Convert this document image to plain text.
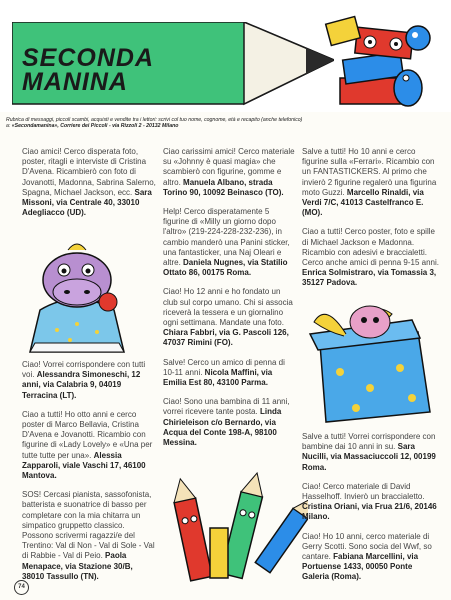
SECONDA
MANINA
Rubrica di messaggi, piccoli scambi, acquisti e vendite tra i lettori: scrivi col tuo nome, cognome, età e recapito (anche telefonico) a: «Secondamanina», Corriere dei Piccoli - via Rizzoli 2 - 20132 Milano

Ciao amici! Cerco disperata foto, poster, ritagli e interviste di Cristina D'Avena. Ricambierò con foto di Jovanotti, Madonna, Sabrina Salerno, Spagna, Michael Jackson, ecc. Sara Missoni, via Centrale 40, 33010 Adegliacco (UD).

Ciao! Vorrei corrispondere con tutti voi. Alessandra Simoneschi, 12 anni, via Calabria 9, 04019 Terracina (LT).

Ciao a tutti! Ho otto anni e cerco poster di Marco Bellavia, Cristina D'Avena e Jovanotti. Ricambio con figurine di «Lady Lovely» e «Una per tutte tutte per una». Alessia Zapparoli, viale Vaschi 17, 46100 Mantova.

SOS! Cercasi pianista, sassofonista, batterista e suonatrice di basso per completare con la mia chitarra un simpatico gruppetto classico. Possono scrivermi ragazzi/e del Trentino: Val di Non - Val di Sole - Val di Rabbie - Val di Peio. Paola Menapace, via Stazione 30/B, 38010 Tassullo (TN).

Ciao carissimi amici! Cerco materiale su «Johnny è quasi magia» che scambierò con figurine, gomme e altro. Manuela Albano, strada Torino 90, 10092 Beinasco (TO).

Help! Cerco disperatamente 5 figurine di «Milly un giorno dopo l'altro» (219-224-228-232-236), in cambio manderò una Panini sticker, una fantasticker, una Naj Oleari e altre. Daniela Nugnes, via Statilio Ottato 86, 00175 Roma.

Ciao! Ho 12 anni e ho fondato un club sul corpo umano. Chi si associa riceverà la tessera e un giornalino ogni settimana. Mandate una foto. Chiara Fabbri, via G. Pascoli 126, 47037 Rimini (FO).

Salve! Cerco un amico di penna di 10-11 anni. Nicola Maffini, via Emilia Est 80, 43100 Parma.

Ciao! Sono una bambina di 11 anni, vorrei ricevere tante posta. Linda Chirieleison c/o Bernardo, via Acqua del Conte 198-A, 98100 Messina.

Salve a tutti! Ho 10 anni e cerco figurine sulla «Ferrari». Ricambio con un FANTASTICKERS. Al primo che invierò 2 figurine regalerò una figurina moto Guzzi. Marcello Rinaldi, via Verdi 7/C, 41013 Castelfranco E. (MO).

Ciao a tutti! Cerco poster, foto e spille di Michael Jackson e Madonna. Ricambio con adesivi e braccialetti. Cerco anche amici di penna 9-15 anni. Enrica Solmistraro, via Tomassia 3, 35127 Padova.

Salve a tutti! Vorrei corrispondere con bambine dai 10 anni in su. Sara Nucilli, via Massaciuccoli 12, 00199 Roma.

Ciao! Cerco materiale di David Hasselhoff. Invierò un braccialetto. Cristina Oriani, via Frua 21/6, 20146 Milano.

Ciao! Ho 10 anni, cerco materiale di Gerry Scotti. Sono socia del Wwf, so cantare. Fabiana Marcellini, via Portuense 1433, 00050 Ponte Galeria (Roma).

74
